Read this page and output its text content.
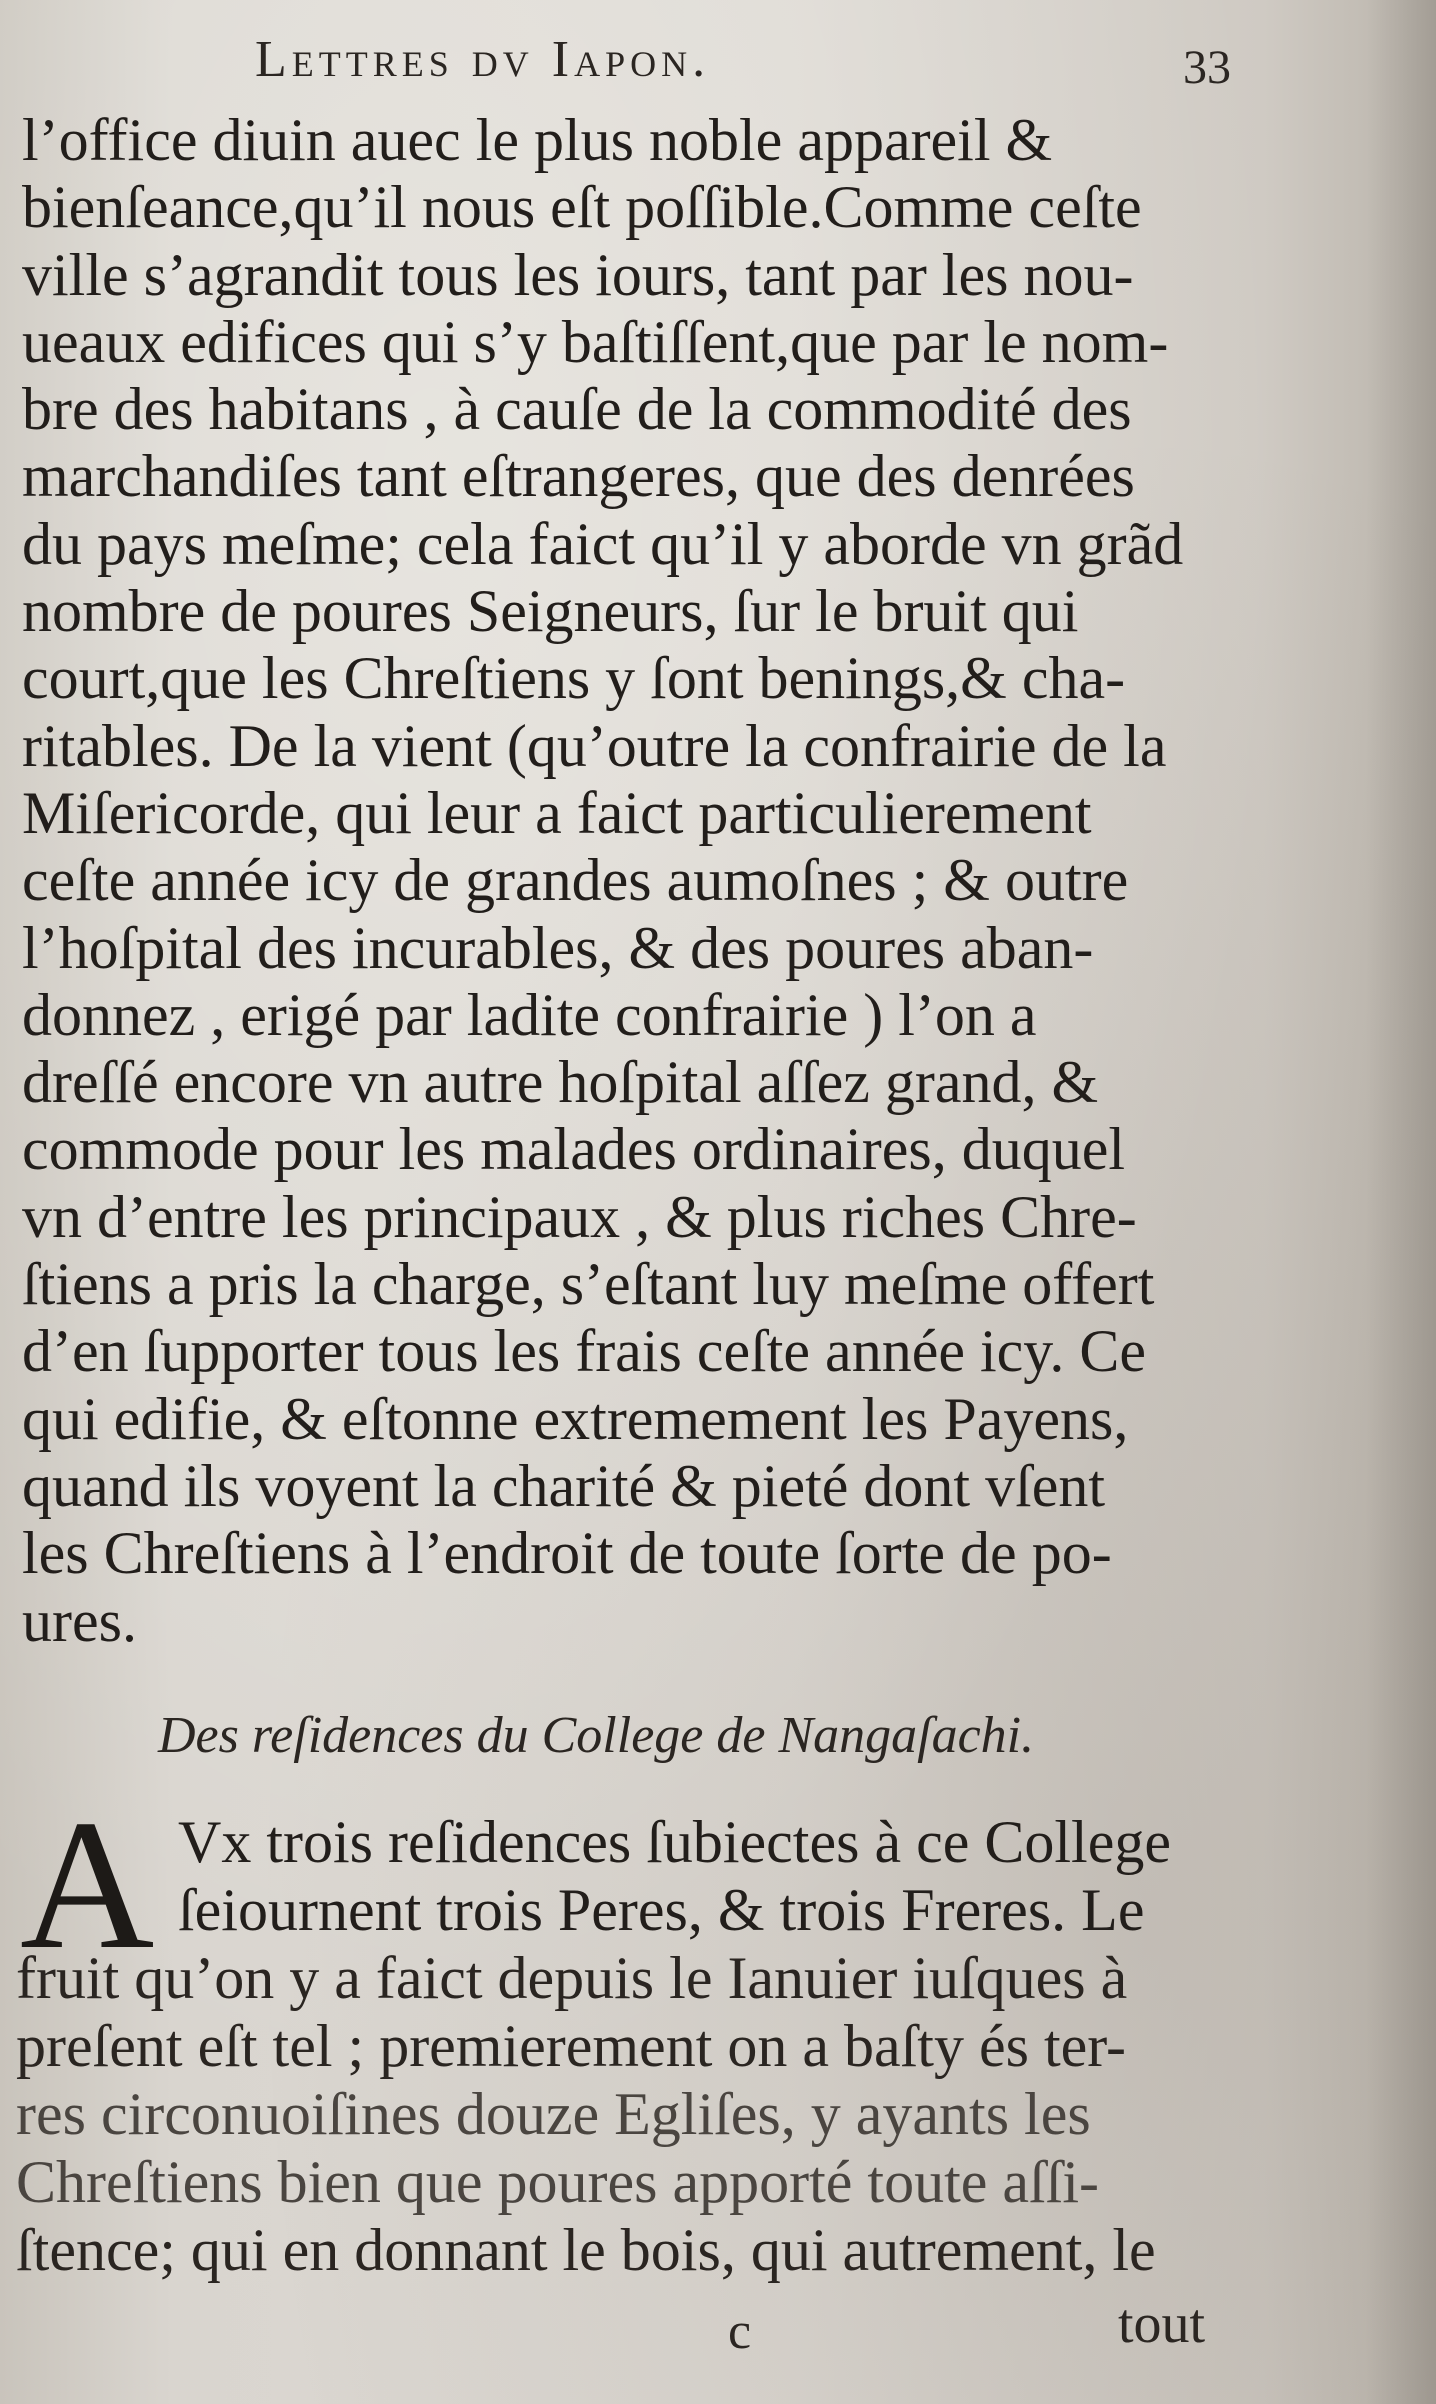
Lettres dv Iapon.	33
l’office diuin auec le plus noble appareil &
bienſeance,qu’il nous eſt poſſible.Comme ceſte
ville s’agrandit tous les iours, tant par les nou-
ueaux edifices qui s’y baſtiſſent,que par le nom-
bre des habitans , à cauſe de la commodité des
marchandiſes tant eſtrangeres, que des denrées
du pays meſme; cela faict qu’il y aborde vn grãd
nombre de poures Seigneurs, ſur le bruit qui
court,que les Chreſtiens y ſont benings,& cha-
ritables. De la vient (qu’outre la confrairie de la
Miſericorde, qui leur a faict particulierement
ceſte année icy de grandes aumoſnes ; & outre
l’hoſpital des incurables, & des poures aban-
donnez , erigé par ladite confrairie ) l’on a
dreſſé encore vn autre hoſpital aſſez grand, &
commode pour les malades ordinaires, duquel
vn d’entre les principaux , & plus riches Chre-
ſtiens a pris la charge, s’eſtant luy meſme offert
d’en ſupporter tous les frais ceſte année icy. Ce
qui edifie, & eſtonne extremement les Payens,
quand ils voyent la charité & pieté dont vſent
les Chreſtiens à l’endroit de toute ſorte de po-
ures.
Des reſidences du College de Nangaſachi.
A Vx trois reſidences ſubiectes à ce College
ſeiournent trois Peres, & trois Freres. Le
fruit qu’on y a faict depuis le Ianuier iuſques à
preſent eſt tel ; premierement on a baſty és ter-
res circonuoiſines douze Egliſes, y ayants les
Chreſtiens bien que poures apporté toute aſſi-
ſtence; qui en donnant le bois, qui autrement, le
c	tout
